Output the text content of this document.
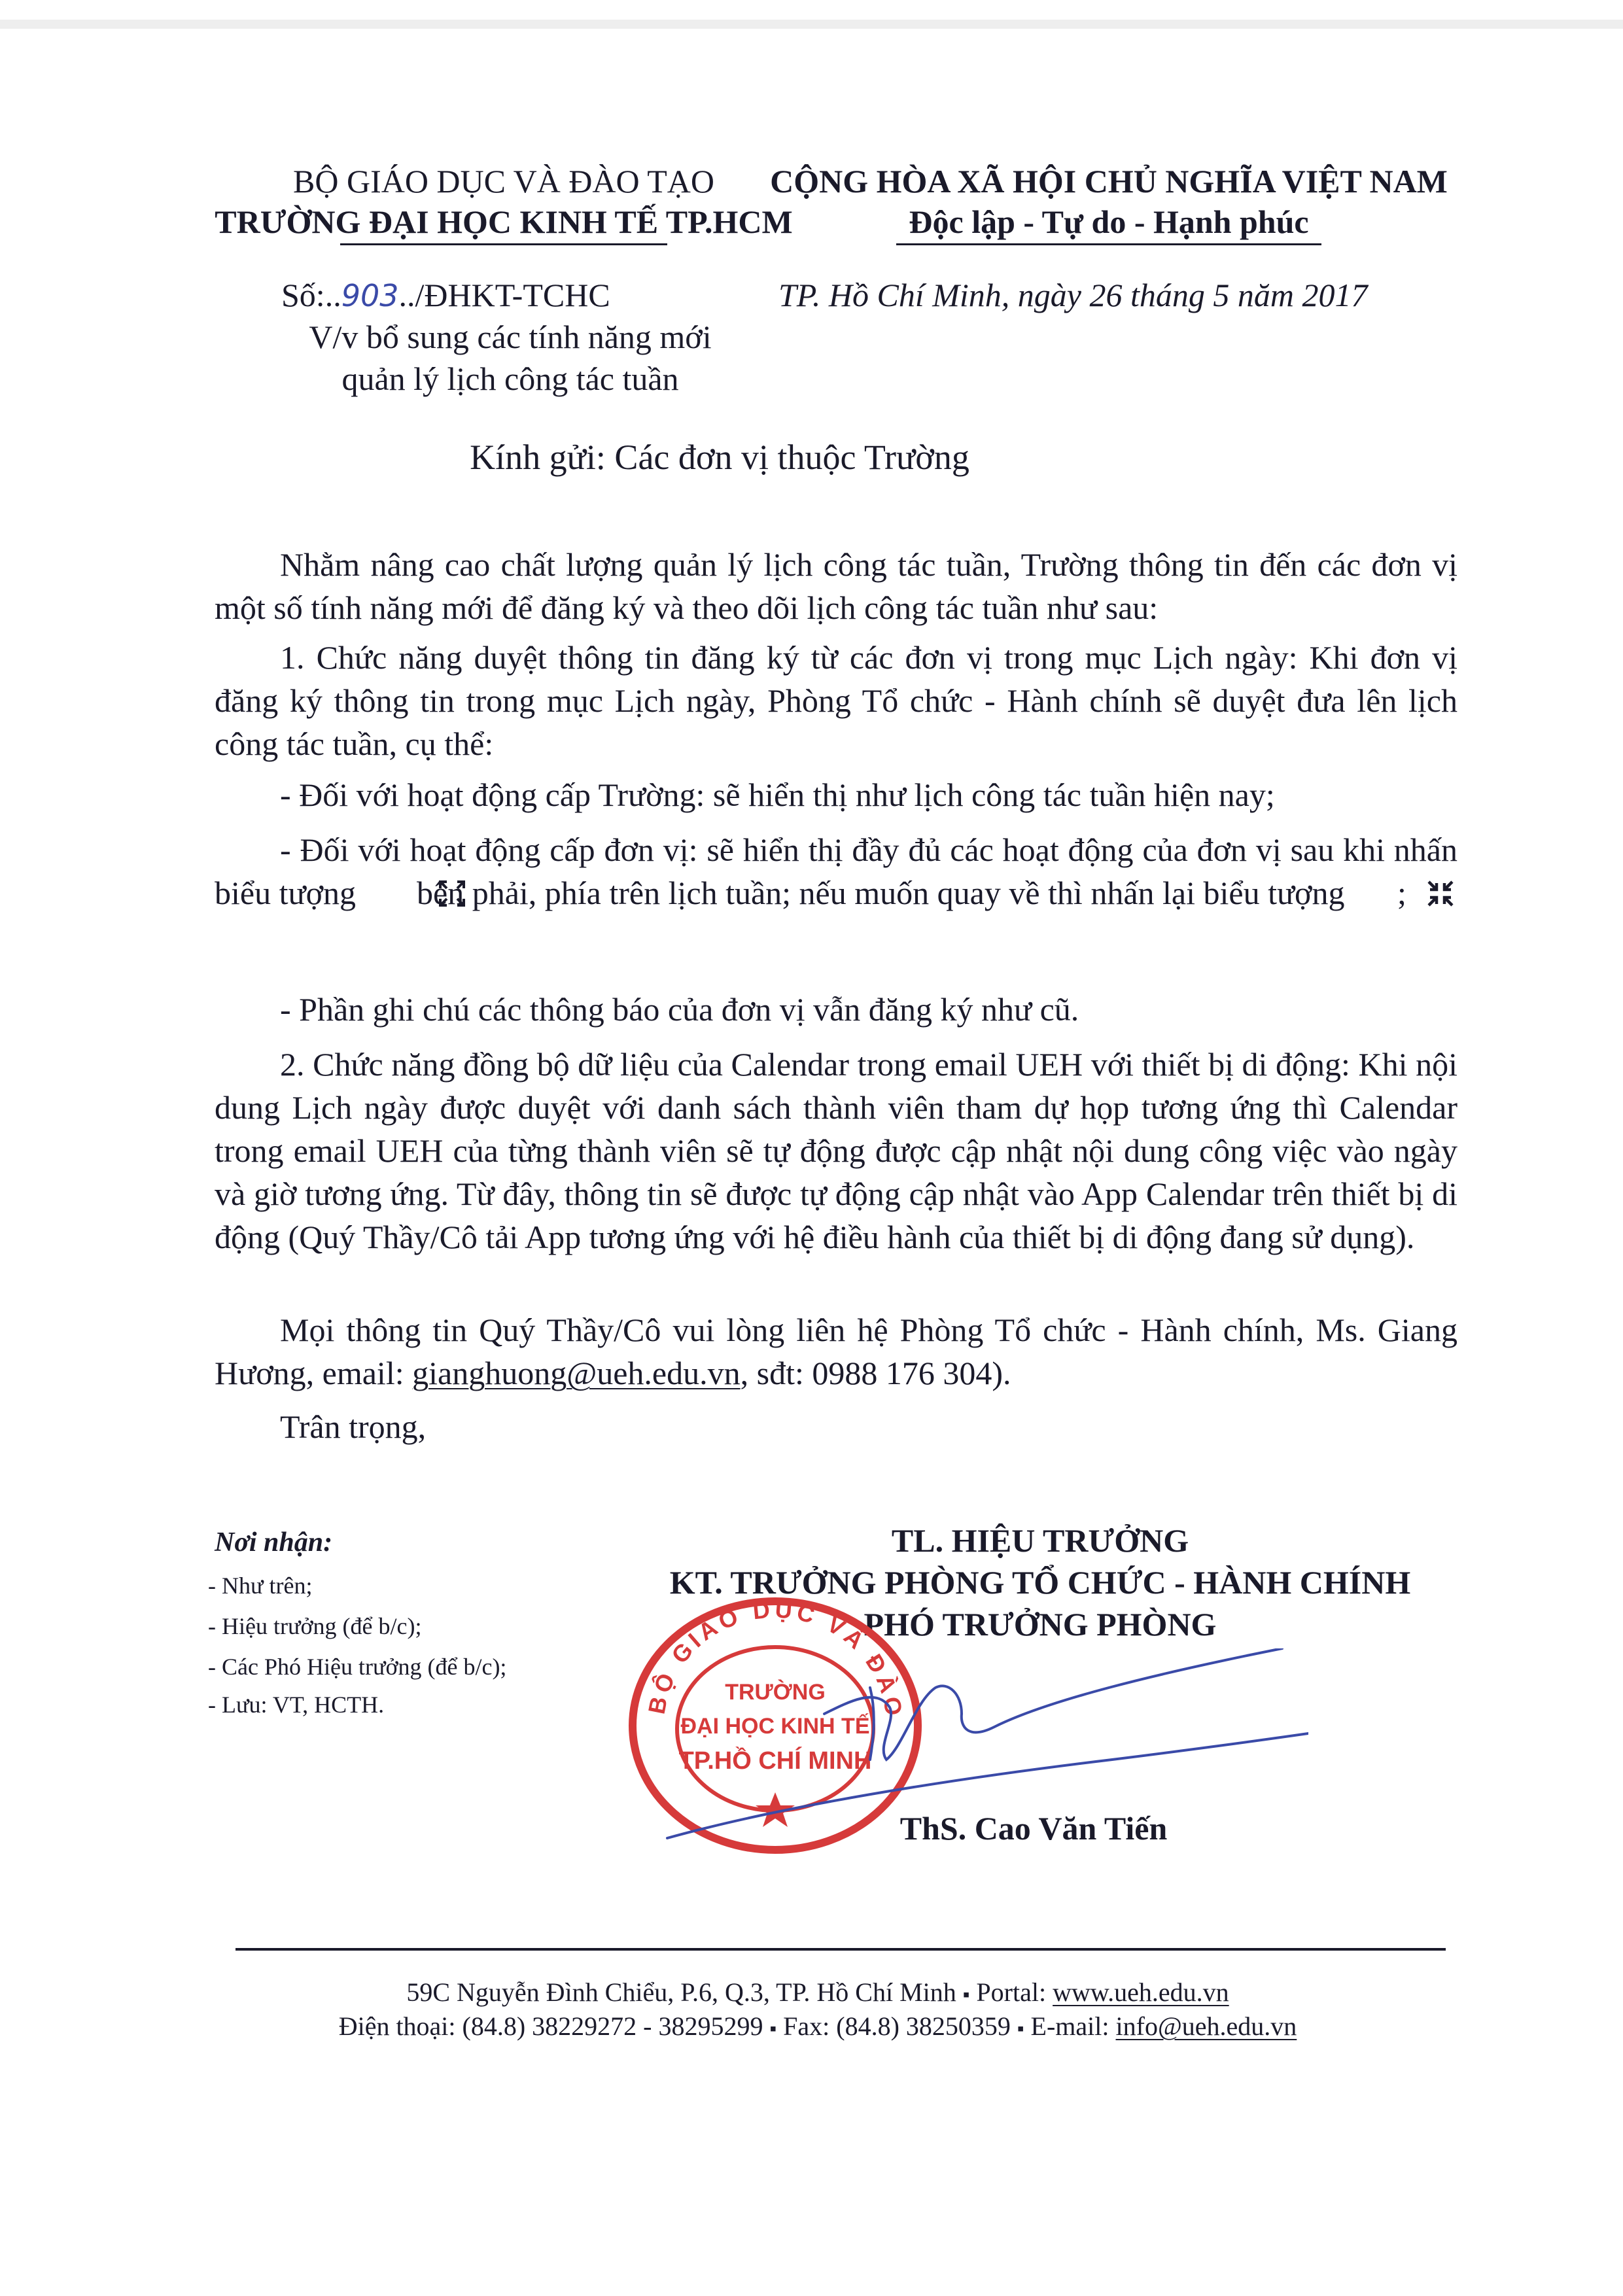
BỘ GIÁO DỤC VÀ ĐÀO TẠO
TRƯỜNG ĐẠI HỌC KINH TẾ TP.HCM
CỘNG HÒA XÃ HỘI CHỦ NGHĨA VIỆT NAM
Độc lập - Tự do - Hạnh phúc
Số:..903../ĐHKT-TCHC
V/v bổ sung các tính năng mới
quản lý lịch công tác tuần
TP. Hồ Chí Minh, ngày 26 tháng 5 năm 2017
Kính gửi: Các đơn vị thuộc Trường
Nhằm nâng cao chất lượng quản lý lịch công tác tuần, Trường thông tin đến các đơn vị một số tính năng mới để đăng ký và theo dõi lịch công tác tuần như sau:
1. Chức năng duyệt thông tin đăng ký từ các đơn vị trong mục Lịch ngày: Khi đơn vị đăng ký thông tin trong mục Lịch ngày, Phòng Tổ chức - Hành chính sẽ duyệt đưa lên lịch công tác tuần, cụ thể:
- Đối với hoạt động cấp Trường: sẽ hiển thị như lịch công tác tuần hiện nay;
- Đối với hoạt động cấp đơn vị: sẽ hiển thị đầy đủ các hoạt động của đơn vị sau khi nhấn biểu tượng bên phải, phía trên lịch tuần; nếu muốn quay về thì nhấn lại biểu tượng ;
- Phần ghi chú các thông báo của đơn vị vẫn đăng ký như cũ.
2. Chức năng đồng bộ dữ liệu của Calendar trong email UEH với thiết bị di động: Khi nội dung Lịch ngày được duyệt với danh sách thành viên tham dự họp tương ứng thì Calendar trong email UEH của từng thành viên sẽ tự động được cập nhật nội dung công việc vào ngày và giờ tương ứng. Từ đây, thông tin sẽ được tự động cập nhật vào App Calendar trên thiết bị di động (Quý Thầy/Cô tải App tương ứng với hệ điều hành của thiết bị di động đang sử dụng).
Mọi thông tin Quý Thầy/Cô vui lòng liên hệ Phòng Tổ chức - Hành chính, Ms. Giang Hương, email: gianghuong@ueh.edu.vn, sđt: 0988 176 304).
Trân trọng,
Nơi nhận:
- Như trên;
- Hiệu trưởng (để b/c);
- Các Phó Hiệu trưởng (để b/c);
- Lưu: VT, HCTH.
TL. HIỆU TRƯỞNG
KT. TRƯỞNG PHÒNG TỔ CHỨC - HÀNH CHÍNH
PHÓ TRƯỞNG PHÒNG
BỘ GIÁO DỤC VÀ ĐÀO
TRƯỜNG
ĐẠI HỌC KINH TẾ
TP.HỒ CHÍ MINH
ThS. Cao Văn Tiến
59C Nguyễn Đình Chiểu, P.6, Q.3, TP. Hồ Chí Minh ▪ Portal: www.ueh.edu.vn
Điện thoại: (84.8) 38229272 - 38295299 ▪ Fax: (84.8) 38250359 ▪ E-mail: info@ueh.edu.vn
